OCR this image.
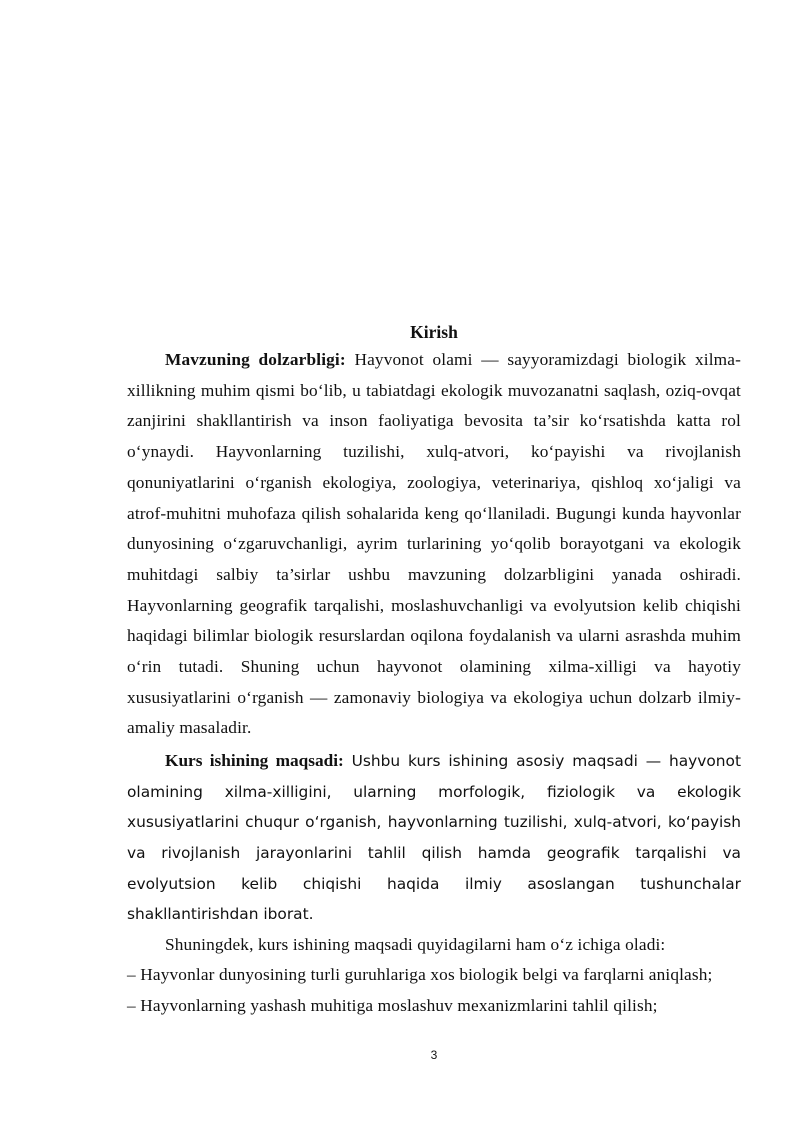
Kirish

Mavzuning dolzarbligi: Hayvonot olami — sayyoramizdagi biologik xilma-xillikning muhim qismi bo‘lib, u tabiatdagi ekologik muvozanatni saqlash, oziq-ovqat zanjirini shakllantirish va inson faoliyatiga bevosita ta’sir ko‘rsatishda katta rol o‘ynaydi. Hayvonlarning tuzilishi, xulq-atvori, ko‘payishi va rivojlanish qonuniyatlarini o‘rganish ekologiya, zoologiya, veterinariya, qishloq xo‘jaligi va atrof-muhitni muhofaza qilish sohalarida keng qo‘llaniladi. Bugungi kunda hayvonlar dunyosining o‘zgaruvchanligi, ayrim turlarining yo‘qolib borayotgani va ekologik muhitdagi salbiy ta’sirlar ushbu mavzuning dolzarbligini yanada oshiradi. Hayvonlarning geografik tarqalishi, moslashuvchanligi va evolyutsion kelib chiqishi haqidagi bilimlar biologik resurslardan oqilona foydalanish va ularni asrashda muhim o‘rin tutadi. Shuning uchun hayvonot olamining xilma-xilligi va hayotiy xususiyatlarini o‘rganish — zamonaviy biologiya va ekologiya uchun dolzarb ilmiy-amaliy masaladir.

Kurs ishining maqsadi: Ushbu kurs ishining asosiy maqsadi — hayvonot olamining xilma-xilligini, ularning morfologik, fiziologik va ekologik xususiyatlarini chuqur o‘rganish, hayvonlarning tuzilishi, xulq-atvori, ko‘payish va rivojlanish jarayonlarini tahlil qilish hamda geografik tarqalishi va evolyutsion kelib chiqishi haqida ilmiy asoslangan tushunchalar shakllantirishdan iborat.

Shuningdek, kurs ishining maqsadi quyidagilarni ham o‘z ichiga oladi:

– Hayvonlar dunyosining turli guruhlariga xos biologik belgi va farqlarni aniqlash;

– Hayvonlarning yashash muhitiga moslashuv mexanizmlarini tahlil qilish;

3
